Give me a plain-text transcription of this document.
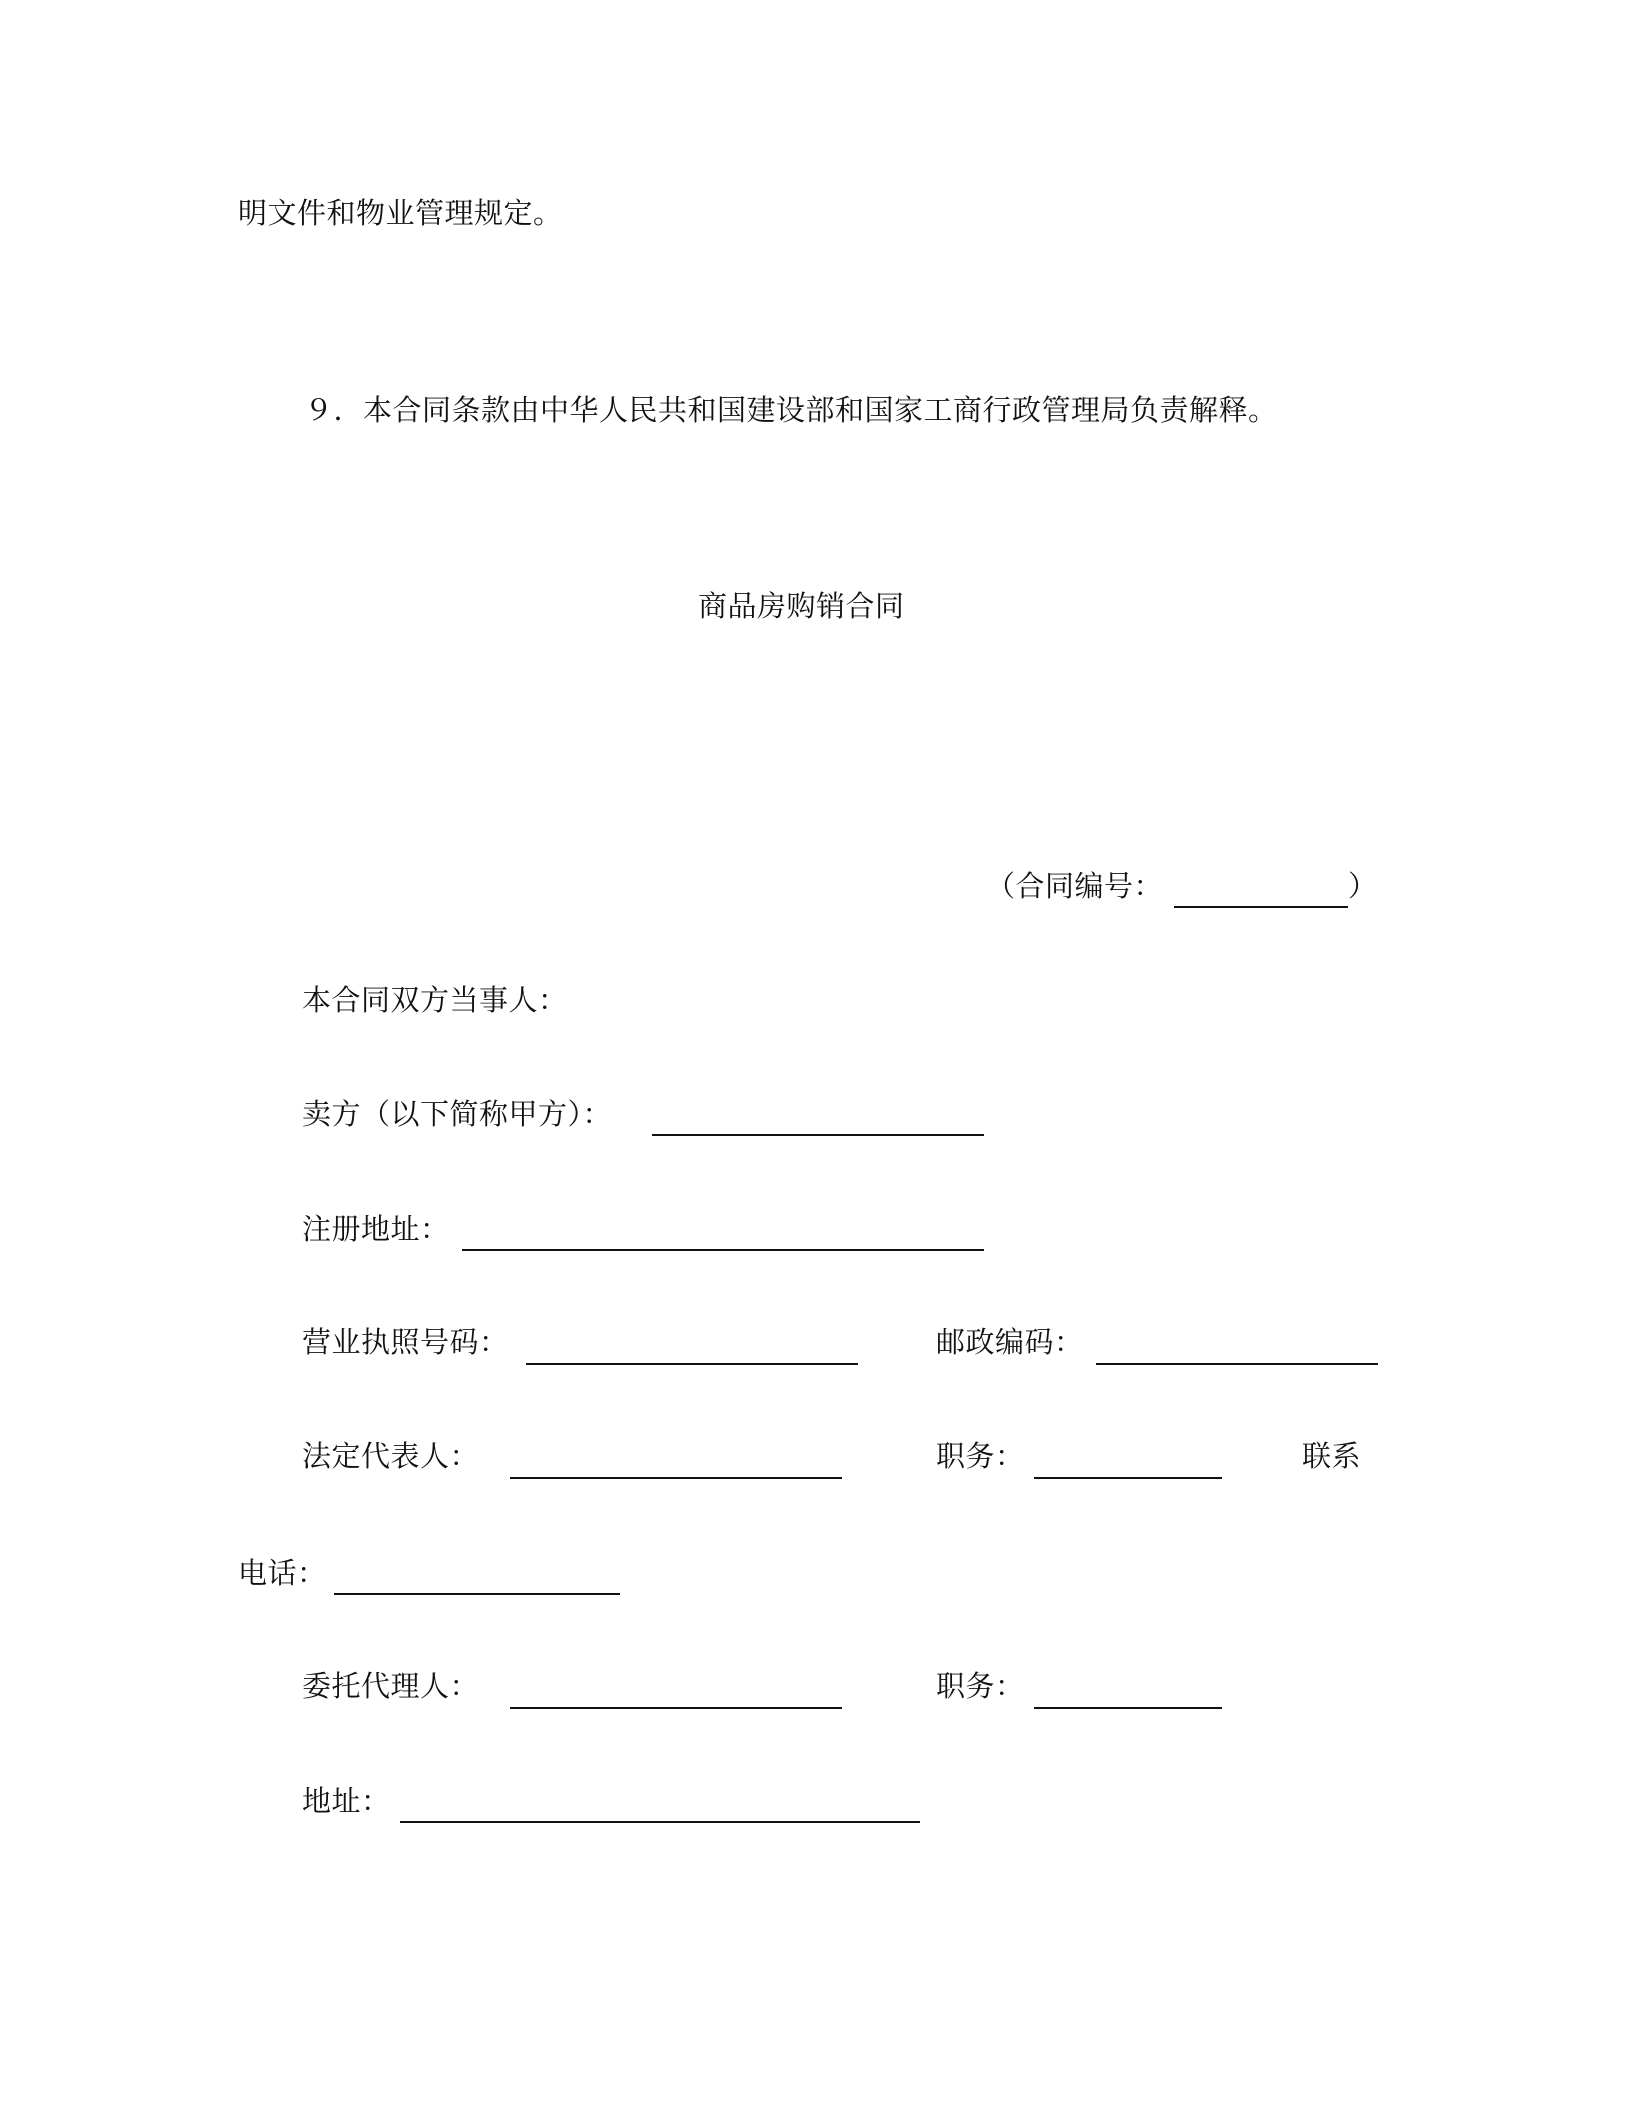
明文件和物业管理规定。
９．本合同条款由中华人民共和国建设部和国家工商行政管理局负责解释。
商品房购销合同
（合同编号：	）
本合同双方当事人：
卖方（以下简称甲方）：
注册地址：
营业执照号码：	邮政编码：
法定代表人：	职务：	联系
电话：
委托代理人：	职务：
地址：
